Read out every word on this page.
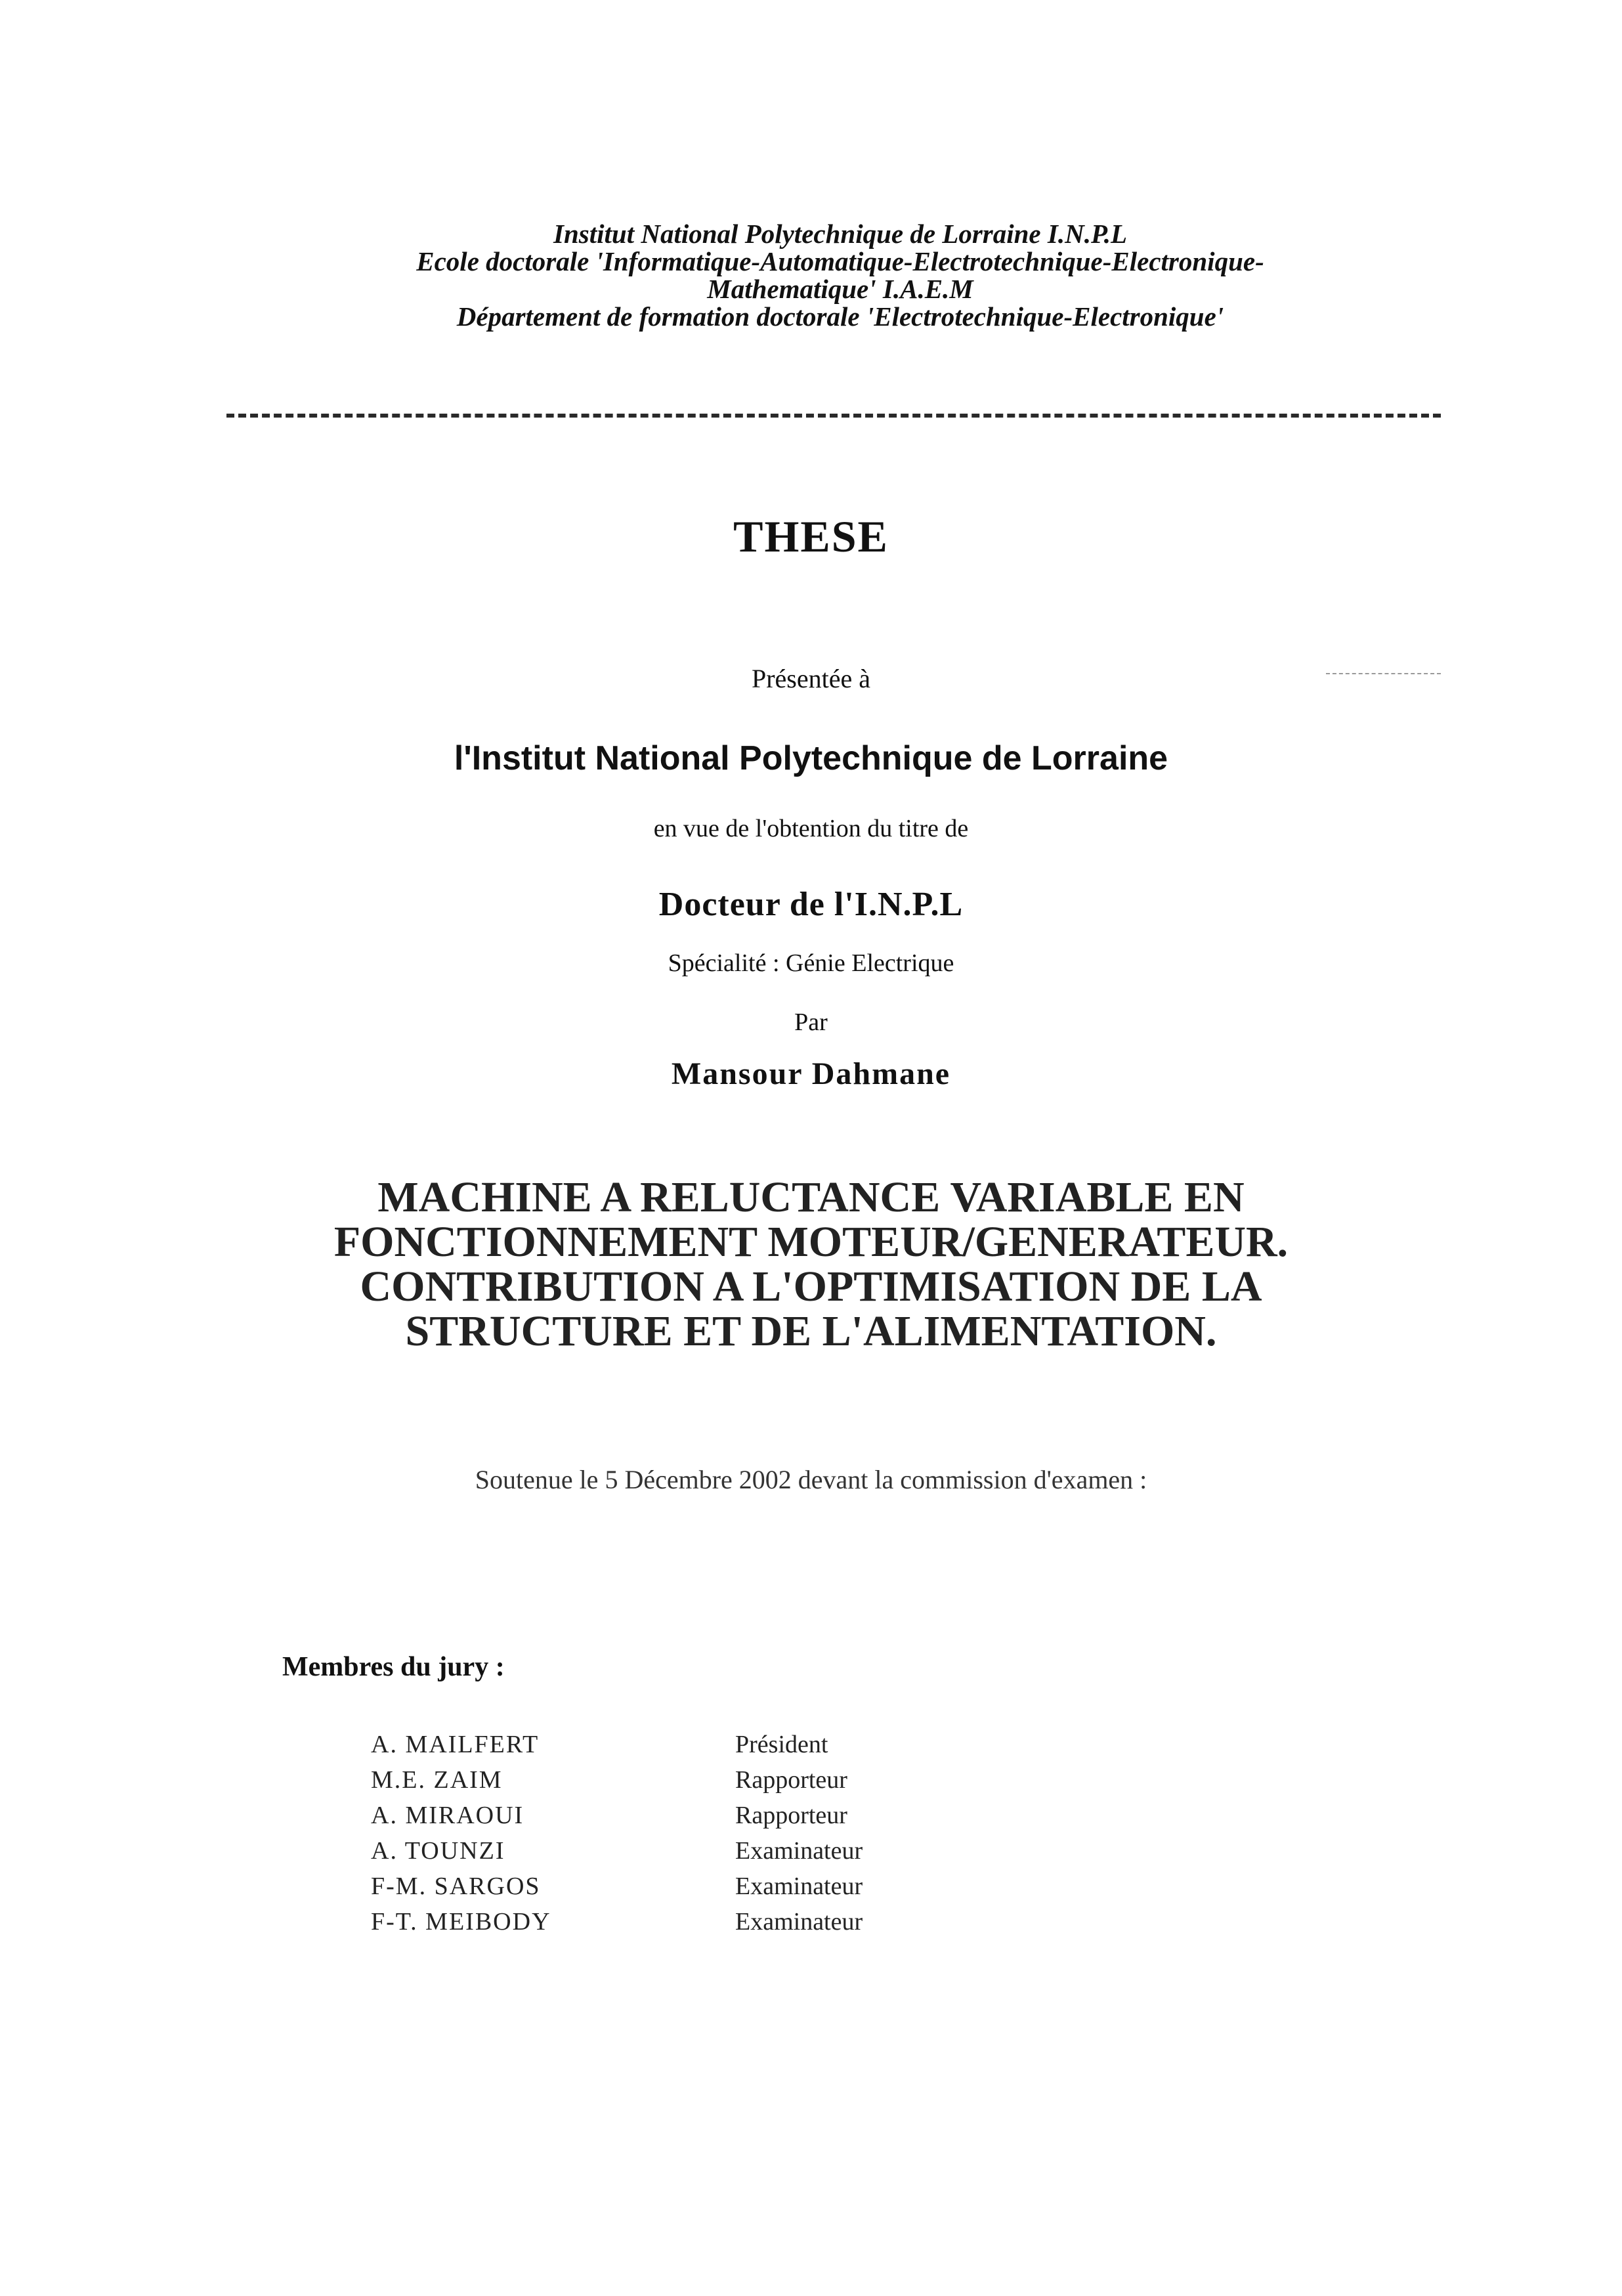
Institut National Polytechnique de Lorraine I.N.P.L
Ecole doctorale 'Informatique-Automatique-Electrotechnique-Electronique-
Mathematique' I.A.E.M
Département de formation doctorale 'Electrotechnique-Electronique'
THESE
Présentée à
l'Institut National Polytechnique de Lorraine
en vue de l'obtention du titre de
Docteur de l'I.N.P.L
Spécialité : Génie Electrique
Par
Mansour Dahmane
MACHINE A RELUCTANCE VARIABLE EN
FONCTIONNEMENT MOTEUR/GENERATEUR.
CONTRIBUTION A L'OPTIMISATION DE LA
STRUCTURE ET DE L'ALIMENTATION.
Soutenue le 5 Décembre 2002 devant la commission d'examen :
Membres du jury :
A. MAILFERT	Président
M.E. ZAIM	Rapporteur
A. MIRAOUI	Rapporteur
A. TOUNZI	Examinateur
F-M. SARGOS	Examinateur
F-T. MEIBODY	Examinateur
